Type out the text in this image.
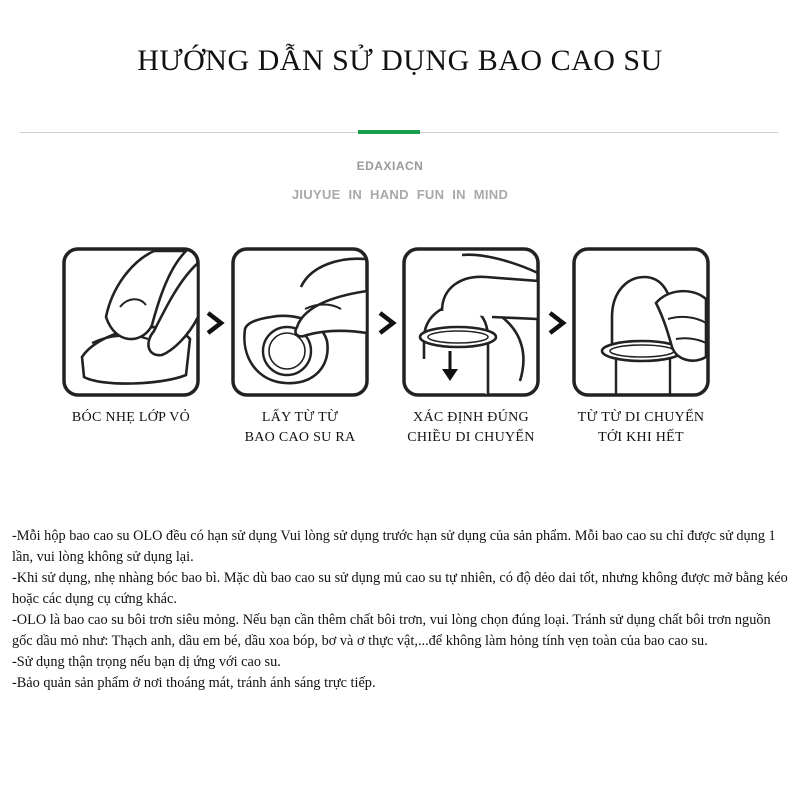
HƯỚNG DẪN SỬ DỤNG BAO CAO SU
EDAXIACN
JIUYUE IN HAND FUN IN MIND
BÓC NHẸ LỚP VỎ	LẤY TỪ TỪ
BAO CAO SU RA
XÁC ĐỊNH ĐÚNG
CHIỀU DI CHUYỂN
TỪ TỪ DI CHUYỂN
TỚI KHI HẾT

-Mỗi hộp bao cao su OLO đều có hạn sử dụng Vui lòng sử dụng trước hạn sử dụng của sản phẩm. Mỗi bao cao su chỉ được sử dụng 1 lần, vui lòng không sử dụng lại.

-Khi sử dụng, nhẹ nhàng bóc bao bì. Mặc dù bao cao su sử dụng mủ cao su tự nhiên, có độ dẻo dai tốt, nhưng không được mở bằng kéo hoặc các dụng cụ cứng khác.

-OLO là bao cao su bôi trơn siêu mỏng. Nếu bạn cần thêm chất bôi trơn, vui lòng chọn đúng loại. Tránh sử dụng chất bôi trơn nguồn gốc dầu mỏ như: Thạch anh, dầu em bé, dầu xoa bóp, bơ và ơ thực vật,...để không làm hỏng tính vẹn toàn của bao cao su.

-Sử dụng thận trọng nếu bạn dị ứng với cao su.

-Bảo quản sản phẩm ở nơi thoáng mát, tránh ánh sáng trực tiếp.
